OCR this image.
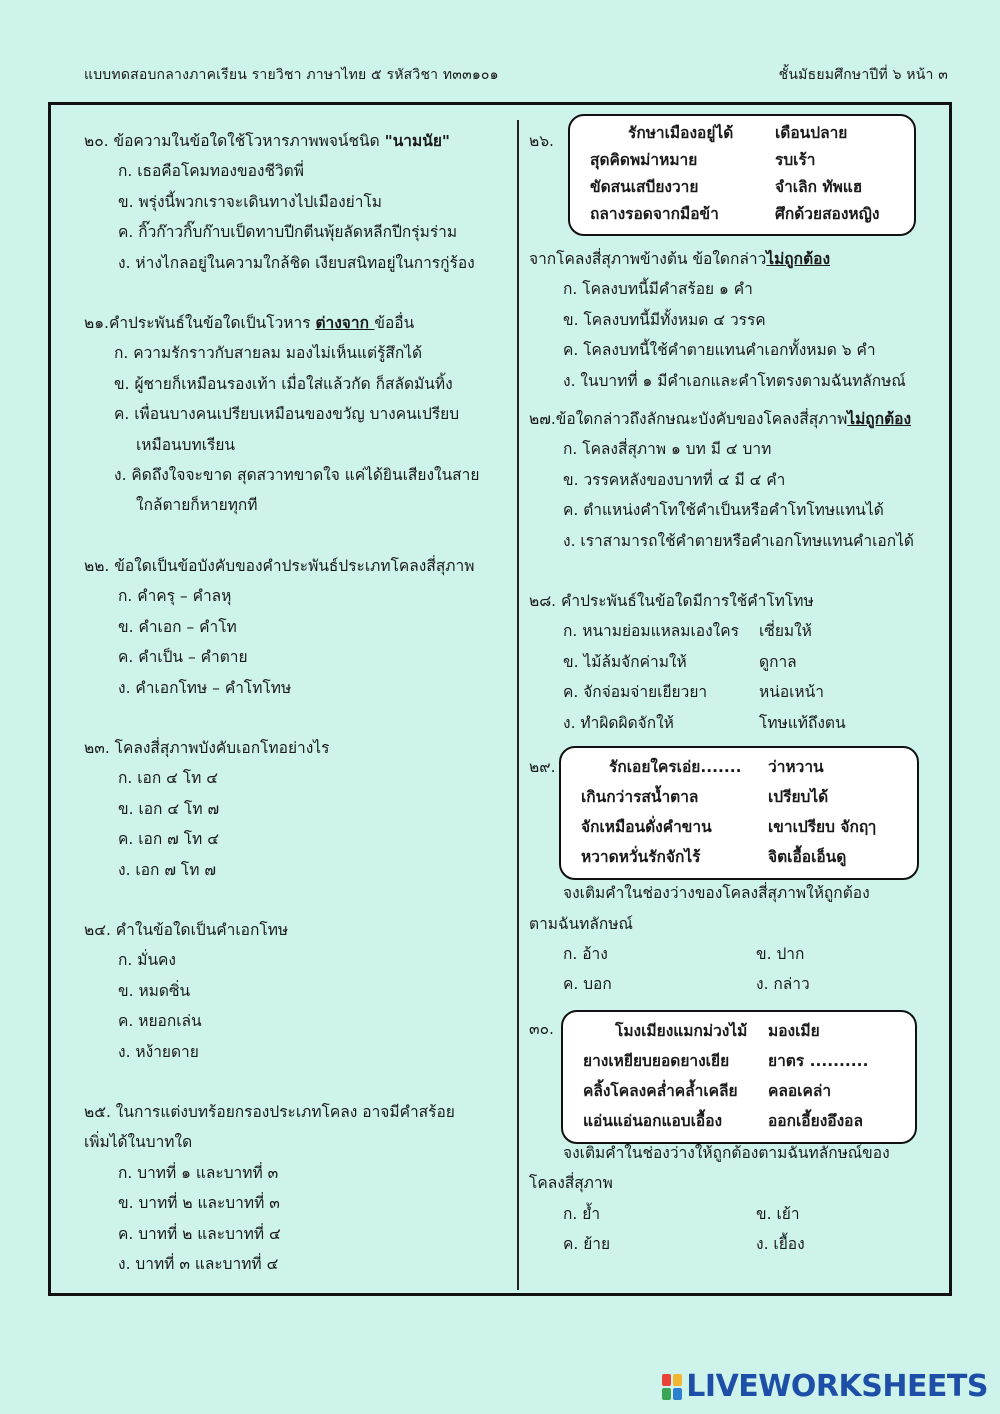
แบบทดสอบกลางภาคเรียน รายวิชา ภาษาไทย ๕ รหัสวิชา ท๓๓๑๐๑	ชั้นมัธยมศึกษาปีที่ ๖ หน้า ๓
๒๐. ข้อความในข้อใดใช้โวหารภาพพจน์ชนิด "นามนัย"
ก. เธอคือโคมทองของชีวิตพี่
ข. พรุ่งนี้พวกเราจะเดินทางไปเมืองย่าโม
ค. กิ๊วก๊าวกิ๊บก๊าบเป็ดทาบปีกตีนพุ้ยลัดหลีกปีกรุ่มร่าม
ง. ห่างไกลอยู่ในความใกล้ชิด เงียบสนิทอยู่ในการกู่ร้อง
๒๑.คำประพันธ์ในข้อใดเป็นโวหาร ต่างจาก ข้ออื่น
ก. ความรักราวกับสายลม มองไม่เห็นแต่รู้สึกได้
ข. ผู้ชายก็เหมือนรองเท้า เมื่อใส่แล้วกัด ก็สลัดมันทิ้ง
ค. เพื่อนบางคนเปรียบเหมือนของขวัญ บางคนเปรียบ
เหมือนบทเรียน
ง. คิดถึงใจจะขาด สุดสวาทขาดใจ แค่ได้ยินเสียงในสาย
ใกล้ตายก็หายทุกที
๒๒. ข้อใดเป็นข้อบังคับของคำประพันธ์ประเภทโคลงสี่สุภาพ
ก. คำครุ – คำลหุ
ข. คำเอก – คำโท
ค. คำเป็น – คำตาย
ง. คำเอกโทษ – คำโทโทษ
๒๓. โคลงสี่สุภาพบังคับเอกโทอย่างไร
ก. เอก ๔ โท ๔
ข. เอก ๔ โท ๗
ค. เอก ๗ โท ๔
ง. เอก ๗ โท ๗
๒๔. คำในข้อใดเป็นคำเอกโทษ
ก. มั่นคง
ข. หมดซิ่น
ค. หยอกเล่น
ง. หง้ายดาย
๒๕. ในการแต่งบทร้อยกรองประเภทโคลง อาจมีคำสร้อย
เพิ่มได้ในบาทใด
ก. บาทที่ ๑ และบาทที่ ๓
ข. บาทที่ ๒ และบาทที่ ๓
ค. บาทที่ ๒ และบาทที่ ๔
ง. บาทที่ ๓ และบาทที่ ๔
๒๖.	รักษาเมืองอยู่ได้	เดือนปลาย
สุดคิดพม่าหมาย	รบเร้า
ขัดสนเสบียงวาย	จำเลิก ทัพแฮ
ถลางรอดจากมือข้า	ศึกด้วยสองหญิง
จากโคลงสี่สุภาพข้างต้น ข้อใดกล่าวไม่ถูกต้อง
ก. โคลงบทนี้มีคำสร้อย ๑ คำ
ข. โคลงบทนี้มีทั้งหมด ๔ วรรค
ค. โคลงบทนี้ใช้คำตายแทนคำเอกทั้งหมด ๖ คำ
ง. ในบาทที่ ๑ มีคำเอกและคำโทตรงตามฉันทลักษณ์
๒๗.ข้อใดกล่าวถึงลักษณะบังคับของโคลงสี่สุภาพไม่ถูกต้อง
ก. โคลงสี่สุภาพ ๑ บท มี ๔ บาท
ข. วรรคหลังของบาทที่ ๔ มี ๔ คำ
ค. ตำแหน่งคำโทใช้คำเป็นหรือคำโทโทษแทนได้
ง. เราสามารถใช้คำตายหรือคำเอกโทษแทนคำเอกได้
๒๘. คำประพันธ์ในข้อใดมีการใช้คำโทโทษ
ก. หนามย่อมแหลมเองใคร	เซี่ยมให้
ข. ไม้ล้มจักค่ามให้	ดูกาล
ค. จักจ่อมจ่ายเยียวยา	หน่อเหน้า
ง. ทำผิดผิดจักให้	โทษแท้ถึงตน
๒๙.	รักเอยใครเอ่ย.......	ว่าหวาน
เกินกว่ารสน้ำตาล	เปรียบได้
จักเหมือนดั่งคำขาน	เขาเปรียบ จักฤๅ
หวาดหวั่นรักจักไร้	จิตเอื้อเอ็นดู
จงเติมคำในช่องว่างของโคลงสี่สุภาพให้ถูกต้อง
ตามฉันทลักษณ์
ก. อ้าง	ข. ปาก
ค. บอก	ง. กล่าว
๓๐.	โมงเมียงแมกม่วงไม้	มองเมีย
ยางเหยียบยอดยางเยีย	ยาตร ..........
คลิ้งโคลงคล่ำคล้ำเคลีย	คลอเคล่า
แอ่นแอ่นอกแอบเอื้อง	ออกเอี้ยงอึงอล
จงเติมคำในช่องว่างให้ถูกต้องตามฉันทลักษณ์ของ
โคลงสี่สุภาพ
ก. ย้ำ	ข. เย้า
ค. ย้าย	ง. เยื้อง
LIVEWORKSHEETS
